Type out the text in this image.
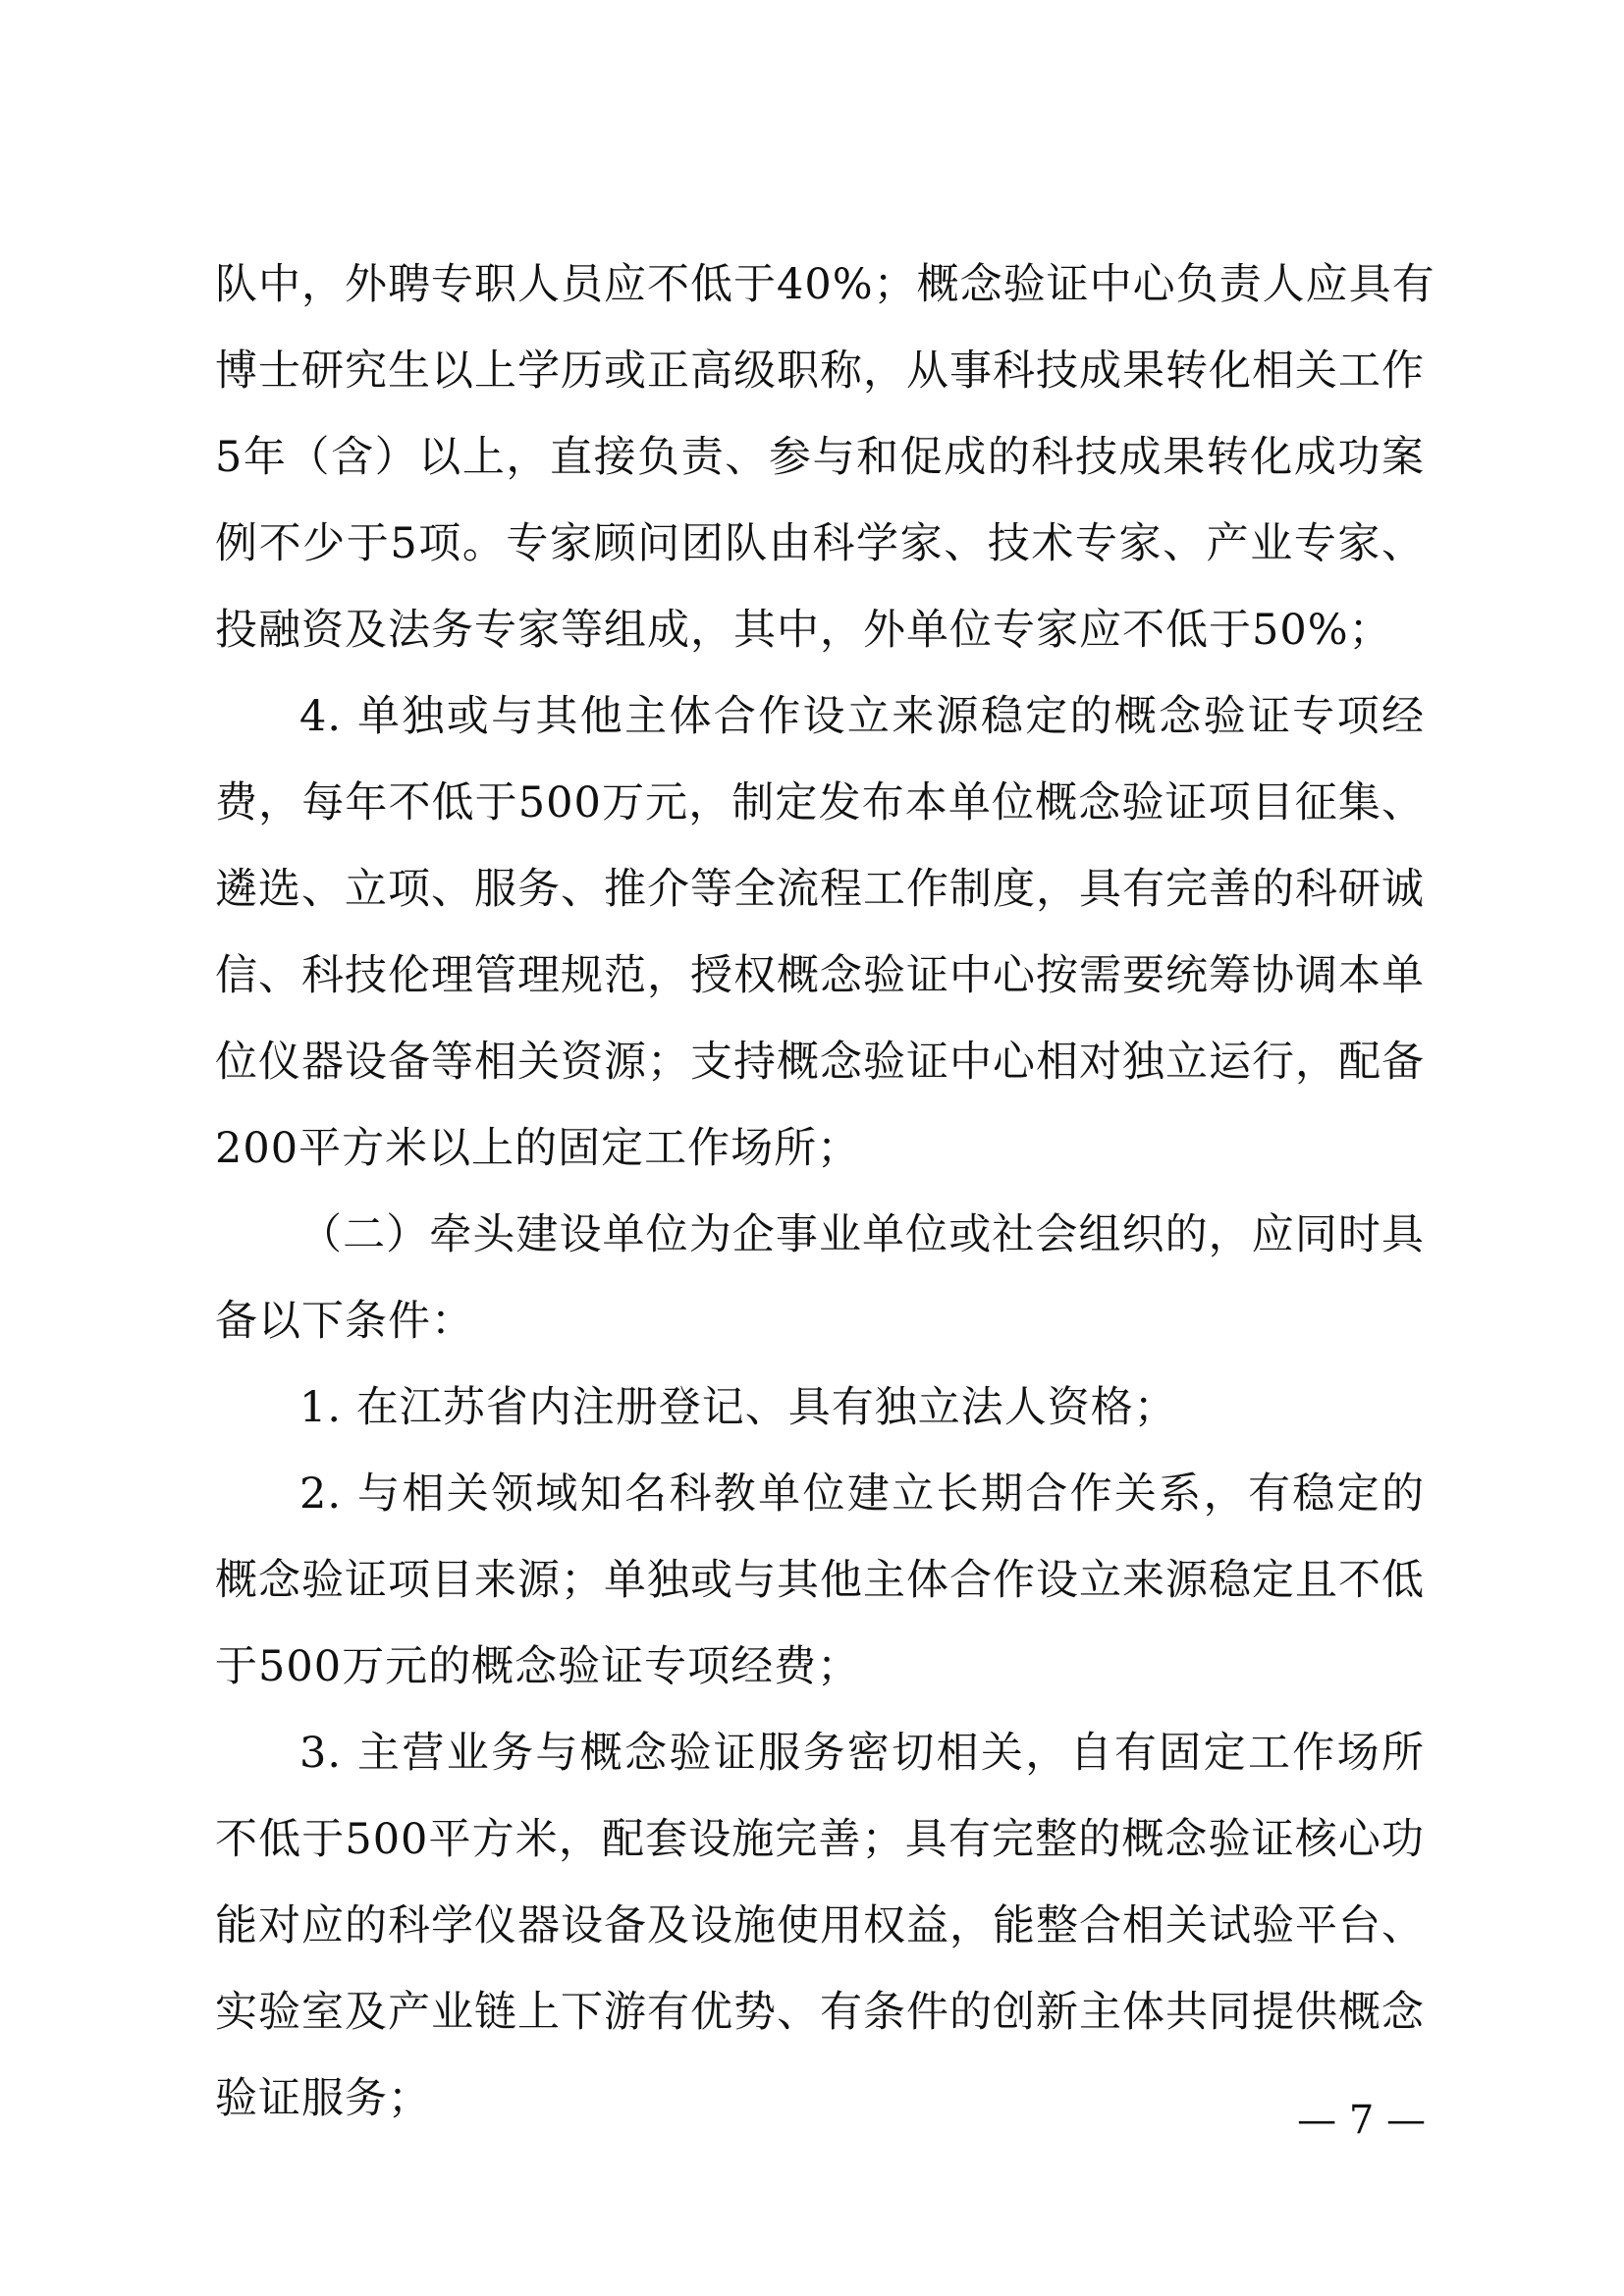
队中，外聘专职人员应不低于40%；概念验证中心负责人应具有
博士研究生以上学历或正高级职称，从事科技成果转化相关工作
5年（含）以上，直接负责、参与和促成的科技成果转化成功案
例不少于5项。专家顾问团队由科学家、技术专家、产业专家、
投融资及法务专家等组成，其中，外单位专家应不低于50%；
4. 单独或与其他主体合作设立来源稳定的概念验证专项经
费，每年不低于500万元，制定发布本单位概念验证项目征集、
遴选、立项、服务、推介等全流程工作制度，具有完善的科研诚
信、科技伦理管理规范，授权概念验证中心按需要统筹协调本单
位仪器设备等相关资源；支持概念验证中心相对独立运行，配备
200平方米以上的固定工作场所；
（二）牵头建设单位为企事业单位或社会组织的，应同时具
备以下条件：
1. 在江苏省内注册登记、具有独立法人资格；
2. 与相关领域知名科教单位建立长期合作关系，有稳定的
概念验证项目来源；单独或与其他主体合作设立来源稳定且不低
于500万元的概念验证专项经费；
3. 主营业务与概念验证服务密切相关，自有固定工作场所
不低于500平方米，配套设施完善；具有完整的概念验证核心功
能对应的科学仪器设备及设施使用权益，能整合相关试验平台、
实验室及产业链上下游有优势、有条件的创新主体共同提供概念
验证服务；	— 7 —
